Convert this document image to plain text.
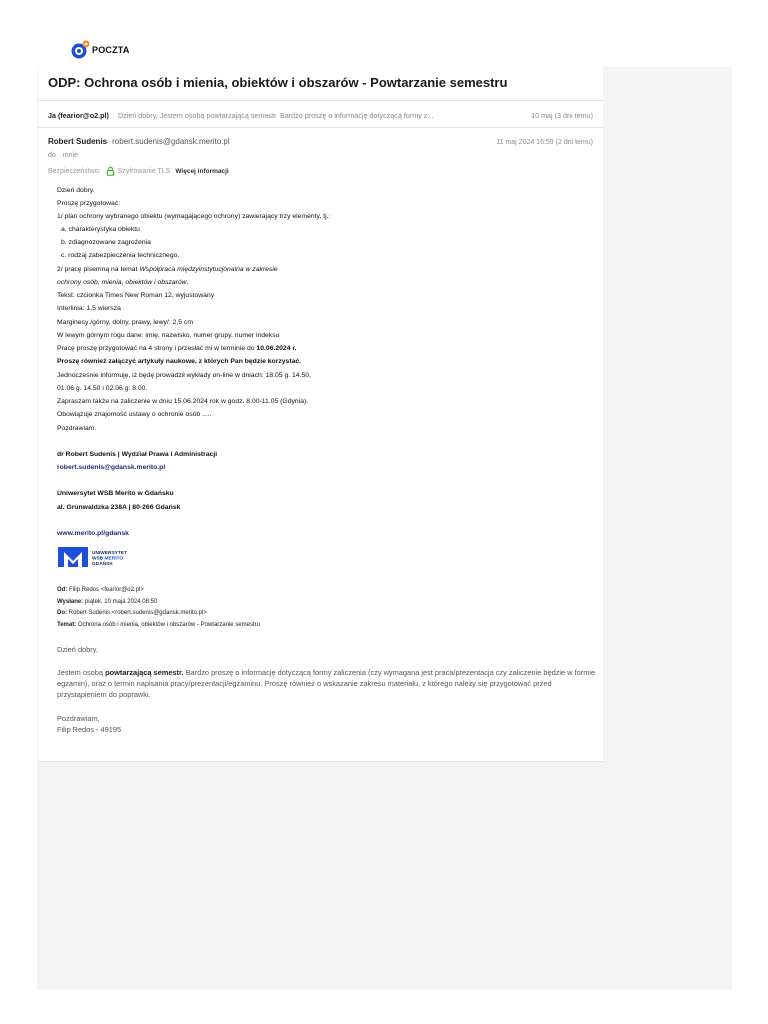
POCZTA
ODP: Ochrona osób i mienia, obiektów i obszarów - Powtarzanie semestru
Ja (fearior@o2.pl) Dzień dobry, Jestem osobą powtarzającą semestr. Bardzo proszę o informację dotyczącą formy z...	10 maj (3 dni temu)
Robert Sudenis robert.sudenis@gdansk.merito.pl	11 maj 2024 16:59 (2 dni temu)
do mnie
Bezpieczeństwo: Szyfrowanie TLS Więcej informacji
Dzień dobry.
Proszę przygotować:
1/ plan ochrony wybranego obiektu (wymagającego ochrony) zawierający trzy elementy, tj.:
a. charakterystyka obiektu
b. zdiagnozowane zagrożenia
c. rodzaj zabezpieczenia technicznego.
2/ pracę pisemną na temat Współpraca międzyinstytucjonalna w zakresie
ochrony osób, mienia, obiektów i obszarów.
Tekst: czcionka Times New Roman 12, wyjustowany
Interlinia: 1,5 wiersza
Marginesy /górny, dolny, prawy, lewy/: 2,5 cm
W lewym górnym rogu dane: imię, nazwisko, numer grupy, numer indeksu
Pracę proszę przygotować na 4 strony i przesłać mi w terminie do 10.06.2024 r.
Proszę również załączyć artykuły naukowe, z których Pan będzie korzystać.
Jednocześnie informuję, iż będę prowadził wykłady on-line w dniach: 18.05 g. 14.50,
01.06 g. 14.50 i 02.06 g. 8.00.
Zapraszam także na zaliczenie w dniu 15.06.2024 rok w godz. 8.00-11.05 (Gdynia).
Obowiązuje znajomość ustawy o ochronie osób .....
Pozdrawiam.
dr Robert Sudenis | Wydział Prawa i Administracji
robert.sudenis@gdansk.merito.pl
Uniwersytet WSB Merito w Gdańsku
al. Grunwaldzka 238A | 80-266 Gdańsk
www.merito.pl/gdansk
UNIWERSYTET
WSB MERITO
GDAŃSK
Od: Filip Redos <fearior@o2.pl>
Wysłane: piątek, 10 maja 2024 08:50
Do: Robert Sudenis <robert.sudenis@gdansk.merito.pl>
Temat: Ochrona osób i mienia, obiektów i obszarów - Powtarzanie semestru
Dzień dobry,
Jestem osobą powtarzającą semestr. Bardzo proszę o informację dotyczącą formy zaliczenia (czy wymagana jest praca/prezentacja czy zaliczenie będzie w formie egzamin), oraz o termin napisania pracy/prezentacji/egzaminu. Proszę również o wskazanie zakresu materiału, z którego należy się przygotować przed przystąpieniem do poprawki.
Pozdrawiam,
Filip Redos - 49195
